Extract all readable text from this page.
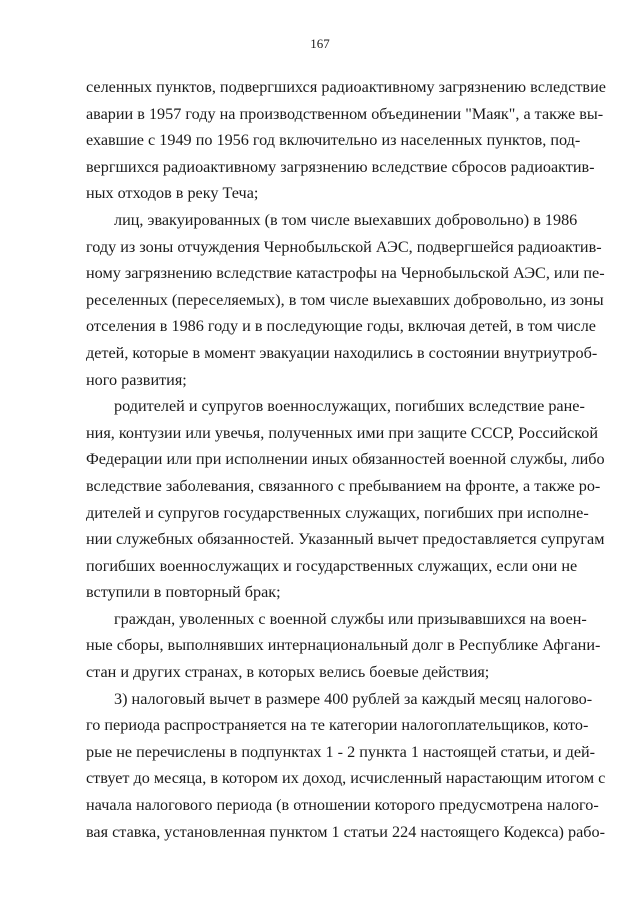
167
селенных пунктов, подвергшихся радиоактивному загрязнению вследствие
аварии в 1957 году на производственном объединении "Маяк", а также вы-
ехавшие с 1949 по 1956 год включительно из населенных пунктов, под-
вергшихся радиоактивному загрязнению вследствие сбросов радиоактив-
ных отходов в реку Теча;
лиц, эвакуированных (в том числе выехавших добровольно) в 1986
году из зоны отчуждения Чернобыльской АЭС, подвергшейся радиоактив-
ному загрязнению вследствие катастрофы на Чернобыльской АЭС, или пе-
реселенных (переселяемых), в том числе выехавших добровольно, из зоны
отселения в 1986 году и в последующие годы, включая детей, в том числе
детей, которые в момент эвакуации находились в состоянии внутриутроб-
ного развития;
родителей и супругов военнослужащих, погибших вследствие ране-
ния, контузии или увечья, полученных ими при защите СССР, Российской
Федерации или при исполнении иных обязанностей военной службы, либо
вследствие заболевания, связанного с пребыванием на фронте, а также ро-
дителей и супругов государственных служащих, погибших при исполне-
нии служебных обязанностей. Указанный вычет предоставляется супругам
погибших военнослужащих и государственных служащих, если они не
вступили в повторный брак;
граждан, уволенных с военной службы или призывавшихся на воен-
ные сборы, выполнявших интернациональный долг в Республике Афгани-
стан и других странах, в которых велись боевые действия;
3) налоговый вычет в размере 400 рублей за каждый месяц налогово-
го периода распространяется на те категории налогоплательщиков, кото-
рые не перечислены в подпунктах 1 - 2 пункта 1 настоящей статьи, и дей-
ствует до месяца, в котором их доход, исчисленный нарастающим итогом с
начала налогового периода (в отношении которого предусмотрена налого-
вая ставка, установленная пунктом 1 статьи 224 настоящего Кодекса) рабо-
